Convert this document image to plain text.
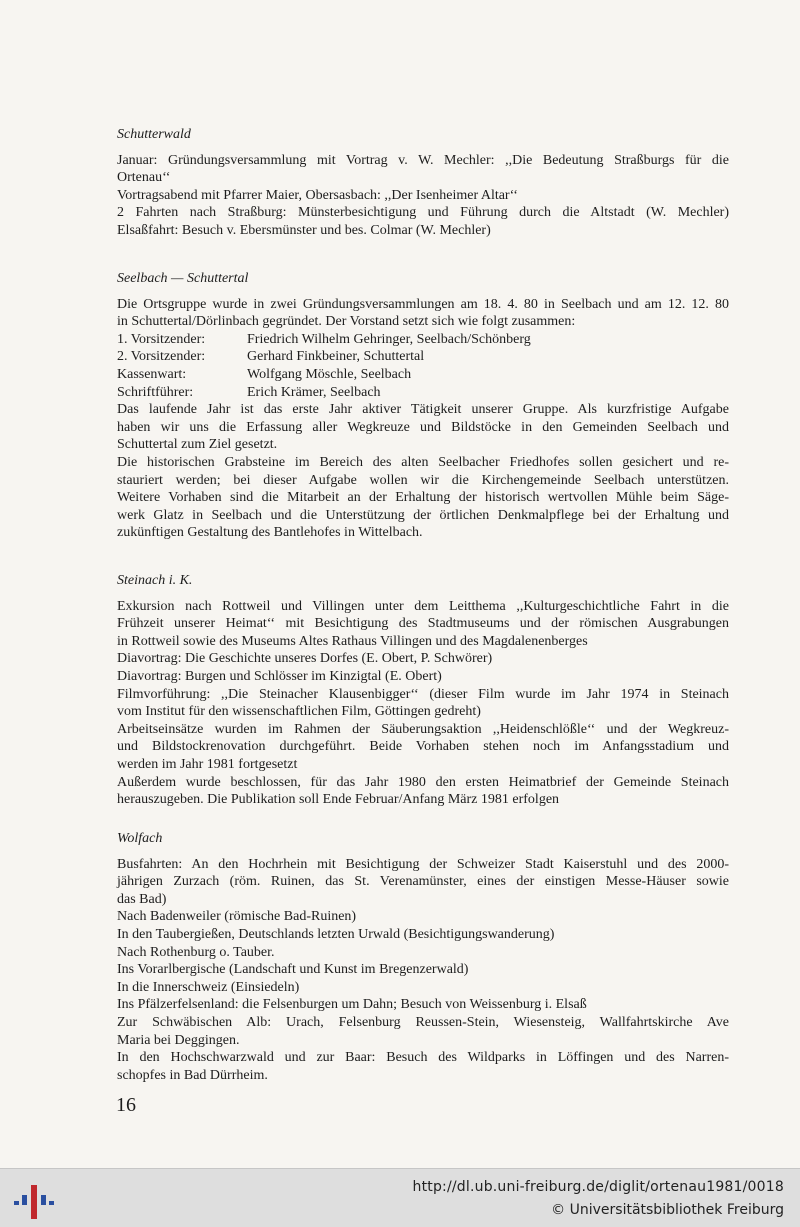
Schutterwald
Januar: Gründungsversammlung mit Vortrag v. W. Mechler: ,,Die Bedeutung Straßburgs für die
Ortenau‘‘
Vortragsabend mit Pfarrer Maier, Obersasbach: ,,Der Isenheimer Altar‘‘
2 Fahrten nach Straßburg: Münsterbesichtigung und Führung durch die Altstadt (W. Mechler)
Elsaßfahrt: Besuch v. Ebersmünster und bes. Colmar (W. Mechler)
Seelbach — Schuttertal
Die Ortsgruppe wurde in zwei Gründungsversammlungen am 18. 4. 80 in Seelbach und am 12. 12. 80
in Schuttertal/Dörlinbach gegründet. Der Vorstand setzt sich wie folgt zusammen:
1. Vorsitzender:	Friedrich Wilhelm Gehringer, Seelbach/Schönberg
2. Vorsitzender:	Gerhard Finkbeiner, Schuttertal
Kassenwart:	Wolfgang Möschle, Seelbach
Schriftführer:	Erich Krämer, Seelbach
Das laufende Jahr ist das erste Jahr aktiver Tätigkeit unserer Gruppe. Als kurzfristige Aufgabe
haben wir uns die Erfassung aller Wegkreuze und Bildstöcke in den Gemeinden Seelbach und
Schuttertal zum Ziel gesetzt.
Die historischen Grabsteine im Bereich des alten Seelbacher Friedhofes sollen gesichert und re-
stauriert werden; bei dieser Aufgabe wollen wir die Kirchengemeinde Seelbach unterstützen.
Weitere Vorhaben sind die Mitarbeit an der Erhaltung der historisch wertvollen Mühle beim Säge-
werk Glatz in Seelbach und die Unterstützung der örtlichen Denkmalpflege bei der Erhaltung und
zukünftigen Gestaltung des Bantlehofes in Wittelbach.
Steinach i. K.
Exkursion nach Rottweil und Villingen unter dem Leitthema ,,Kulturgeschichtliche Fahrt in die
Frühzeit unserer Heimat‘‘ mit Besichtigung des Stadtmuseums und der römischen Ausgrabungen
in Rottweil sowie des Museums Altes Rathaus Villingen und des Magdalenenberges
Diavortrag: Die Geschichte unseres Dorfes (E. Obert, P. Schwörer)
Diavortrag: Burgen und Schlösser im Kinzigtal (E. Obert)
Filmvorführung: ,,Die Steinacher Klausenbigger‘‘ (dieser Film wurde im Jahr 1974 in Steinach
vom Institut für den wissenschaftlichen Film, Göttingen gedreht)
Arbeitseinsätze wurden im Rahmen der Säuberungsaktion ,,Heidenschlößle‘‘ und der Wegkreuz-
und Bildstockrenovation durchgeführt. Beide Vorhaben stehen noch im Anfangsstadium und
werden im Jahr 1981 fortgesetzt
Außerdem wurde beschlossen, für das Jahr 1980 den ersten Heimatbrief der Gemeinde Steinach
herauszugeben. Die Publikation soll Ende Februar/Anfang März 1981 erfolgen
Wolfach
Busfahrten: An den Hochrhein mit Besichtigung der Schweizer Stadt Kaiserstuhl und des 2000-
jährigen Zurzach (röm. Ruinen, das St. Verenamünster, eines der einstigen Messe-Häuser sowie
das Bad)
Nach Badenweiler (römische Bad-Ruinen)
In den Taubergießen, Deutschlands letzten Urwald (Besichtigungswanderung)
Nach Rothenburg o. Tauber.
Ins Vorarlbergische (Landschaft und Kunst im Bregenzerwald)
In die Innerschweiz (Einsiedeln)
Ins Pfälzerfelsenland: die Felsenburgen um Dahn; Besuch von Weissenburg i. Elsaß
Zur Schwäbischen Alb: Urach, Felsenburg Reussen-Stein, Wiesensteig, Wallfahrtskirche Ave
Maria bei Deggingen.
In den Hochschwarzwald und zur Baar: Besuch des Wildparks in Löffingen und des Narren-
schopfes in Bad Dürrheim.
16
http://dl.ub.uni-freiburg.de/diglit/ortenau1981/0018
© Universitätsbibliothek Freiburg
